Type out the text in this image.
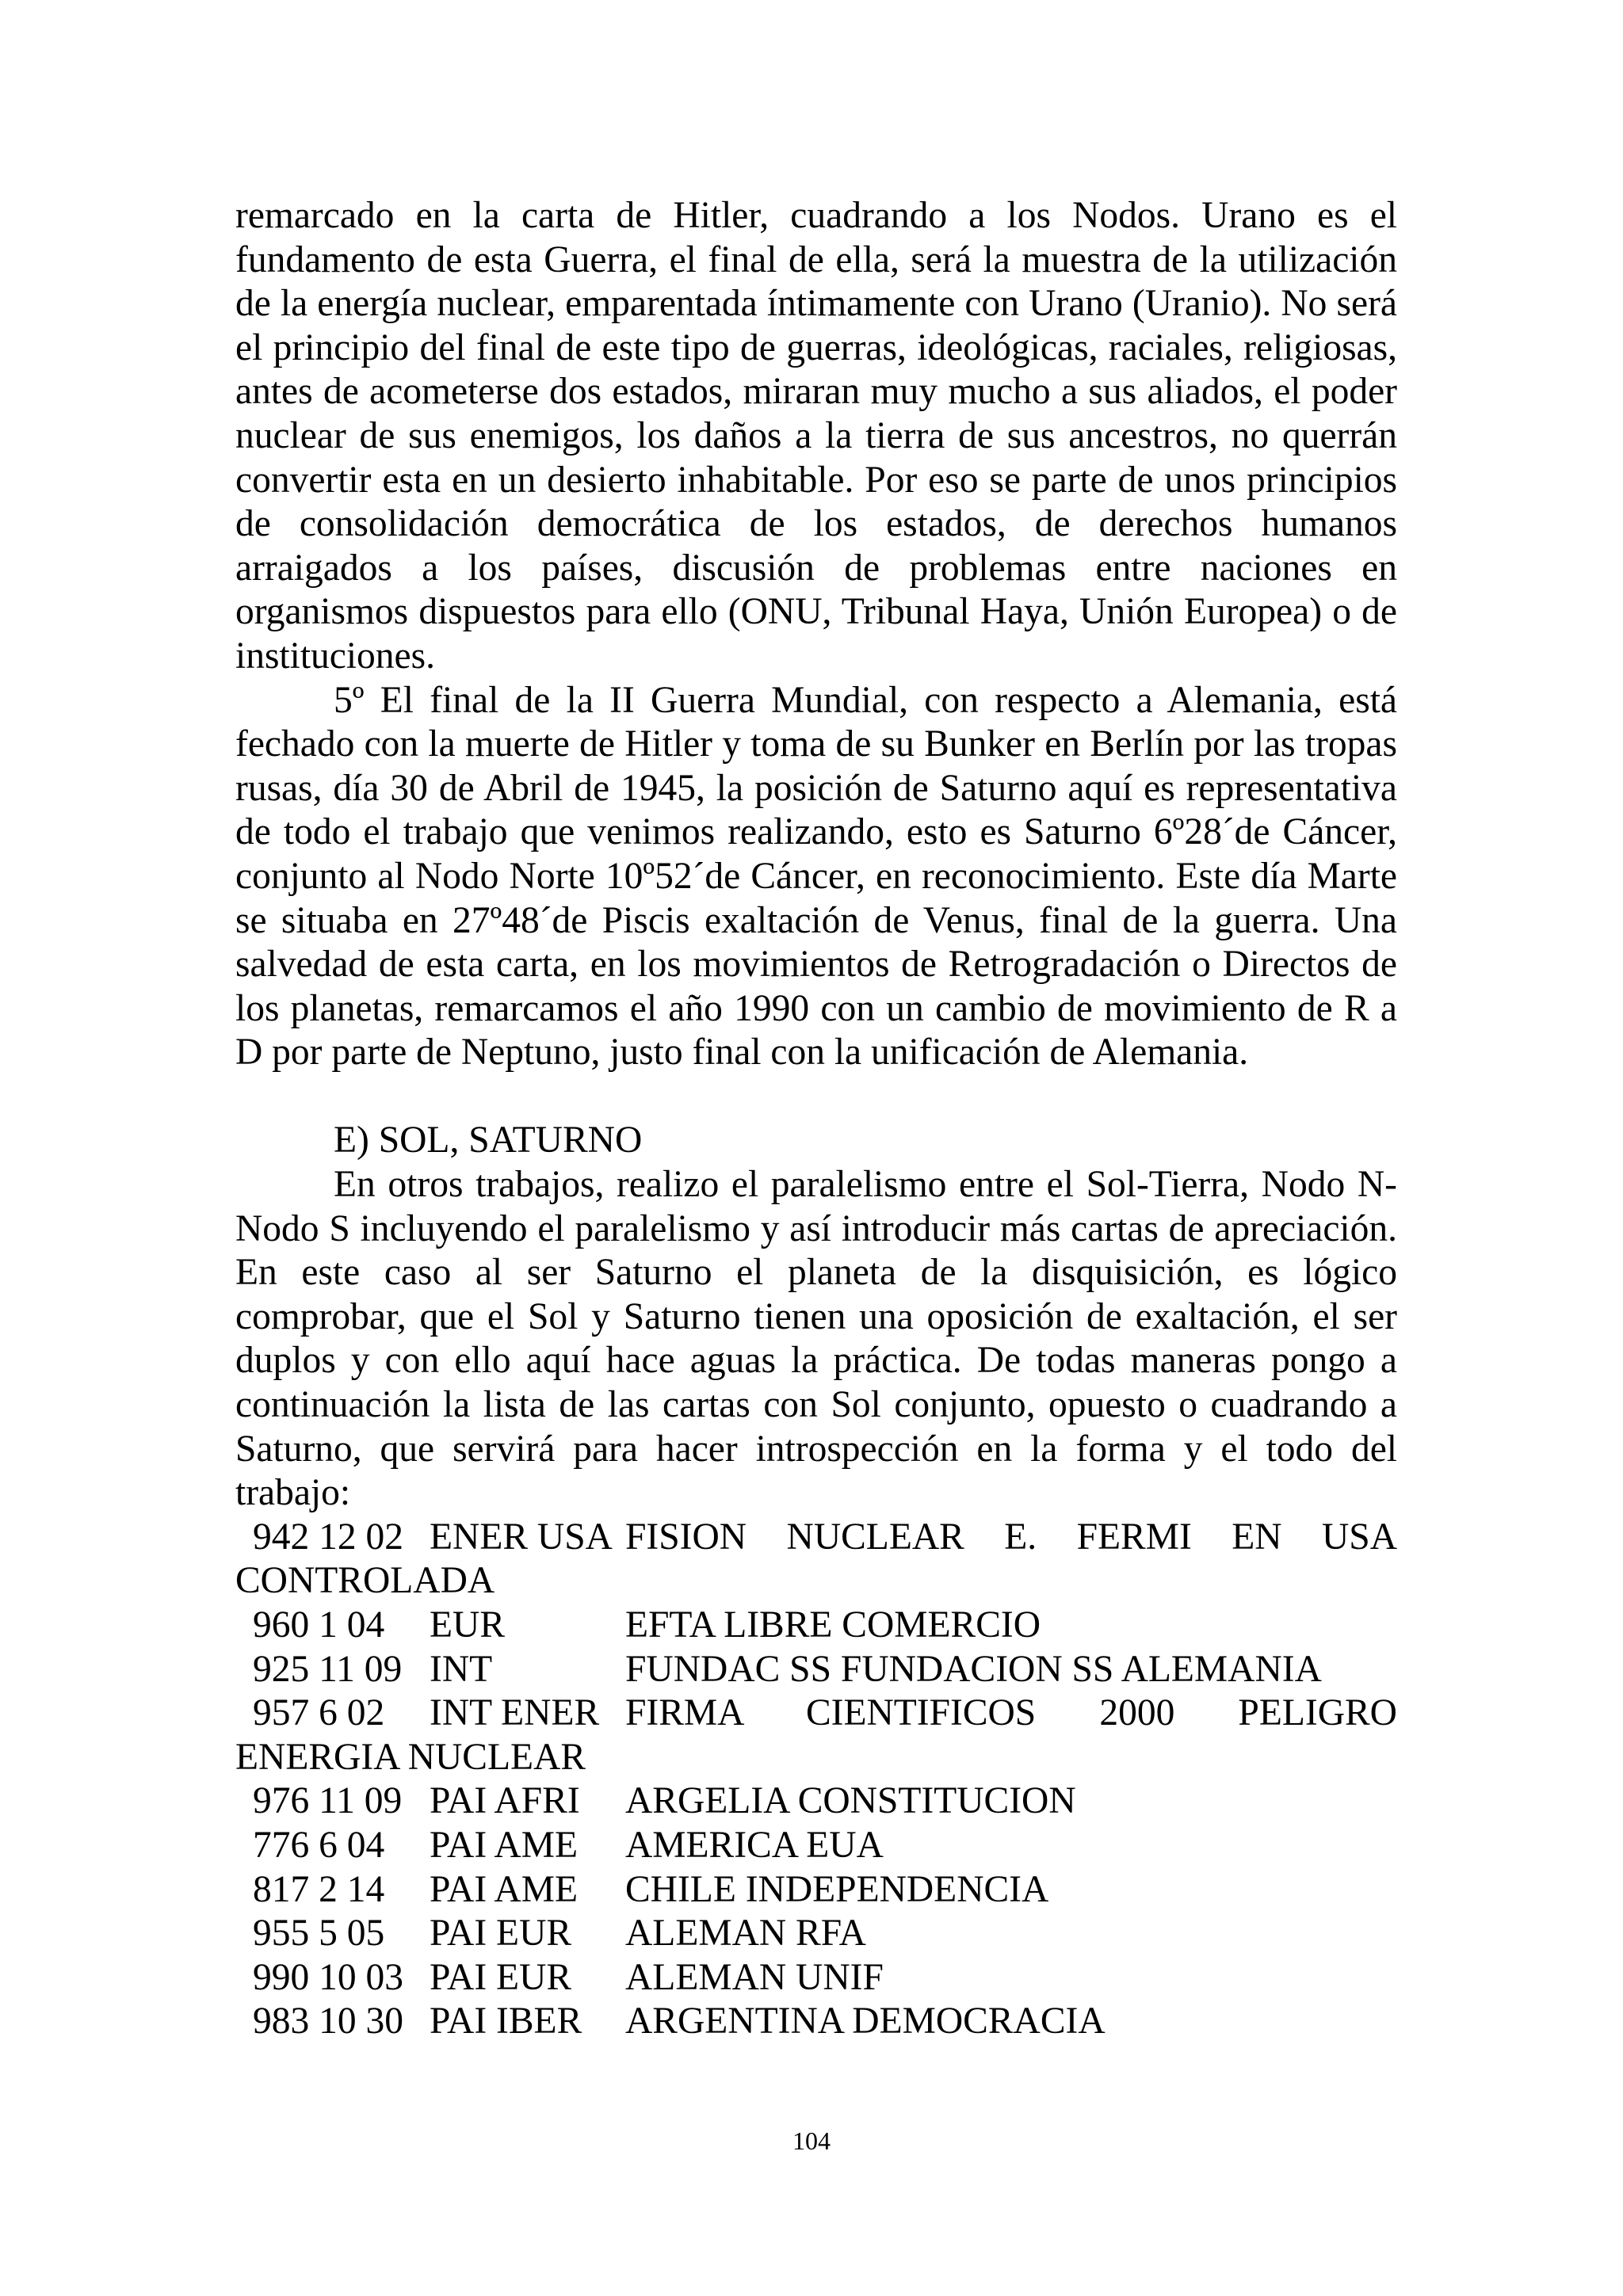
remarcado en la carta de Hitler, cuadrando a los Nodos. Urano es el fundamento de esta Guerra, el final de ella, será la muestra de la utilización de la energía nuclear, emparentada íntimamente con Urano (Uranio). No será el principio del final de este tipo de guerras, ideológicas, raciales, religiosas, antes de acometerse dos estados, miraran muy mucho a sus aliados, el poder nuclear de sus enemigos, los daños a la tierra de sus ancestros, no querrán convertir esta en un desierto inhabitable. Por eso se parte de unos principios de consolidación democrática de los estados, de derechos humanos arraigados a los países, discusión de problemas entre naciones en organismos dispuestos para ello (ONU, Tribunal Haya, Unión Europea) o de instituciones.

5º El final de la II Guerra Mundial, con respecto a Alemania, está fechado con la muerte de Hitler y toma de su Bunker en Berlín por las tropas rusas, día 30 de Abril de 1945, la posición de Saturno aquí es representativa de todo el trabajo que venimos realizando, esto es Saturno 6º28´de Cáncer, conjunto al Nodo Norte 10º52´de Cáncer, en reconocimiento. Este día Marte se situaba en 27º48´de Piscis exaltación de Venus, final de la guerra. Una salvedad de esta carta, en los movimientos de Retrogradación o Directos de los planetas, remarcamos el año 1990 con un cambio de movimiento de R a D por parte de Neptuno, justo final con la unificación de Alemania.

E) SOL, SATURNO

En otros trabajos, realizo el paralelismo entre el Sol-Tierra, Nodo N-Nodo S incluyendo el paralelismo y así introducir más cartas de apreciación. En este caso al ser Saturno el planeta de la disquisición, es lógico comprobar, que el Sol y Saturno tienen una oposición de exaltación, el ser duplos y con ello aquí hace aguas la práctica. De todas maneras pongo a continuación la lista de las cartas con Sol conjunto, opuesto o cuadrando a Saturno, que servirá para hacer introspección en la forma y el todo del trabajo:

942 12 02 ENER USA FISION NUCLEAR E. FERMI EN USA
CONTROLADA
960 1 04 EUR	EFTA LIBRE COMERCIO
925 11 09 INT	FUNDAC SS FUNDACION SS ALEMANIA
957 6 02 INT ENER FIRMA CIENTIFICOS 2000 PELIGRO
ENERGIA NUCLEAR
976 11 09 PAI AFRI ARGELIA CONSTITUCION
776 6 04 PAI AME AMERICA EUA
817 2 14 PAI AME CHILE INDEPENDENCIA
955 5 05 PAI EUR ALEMAN RFA
990 10 03 PAI EUR ALEMAN UNIF
983 10 30 PAI IBER ARGENTINA DEMOCRACIA
104
